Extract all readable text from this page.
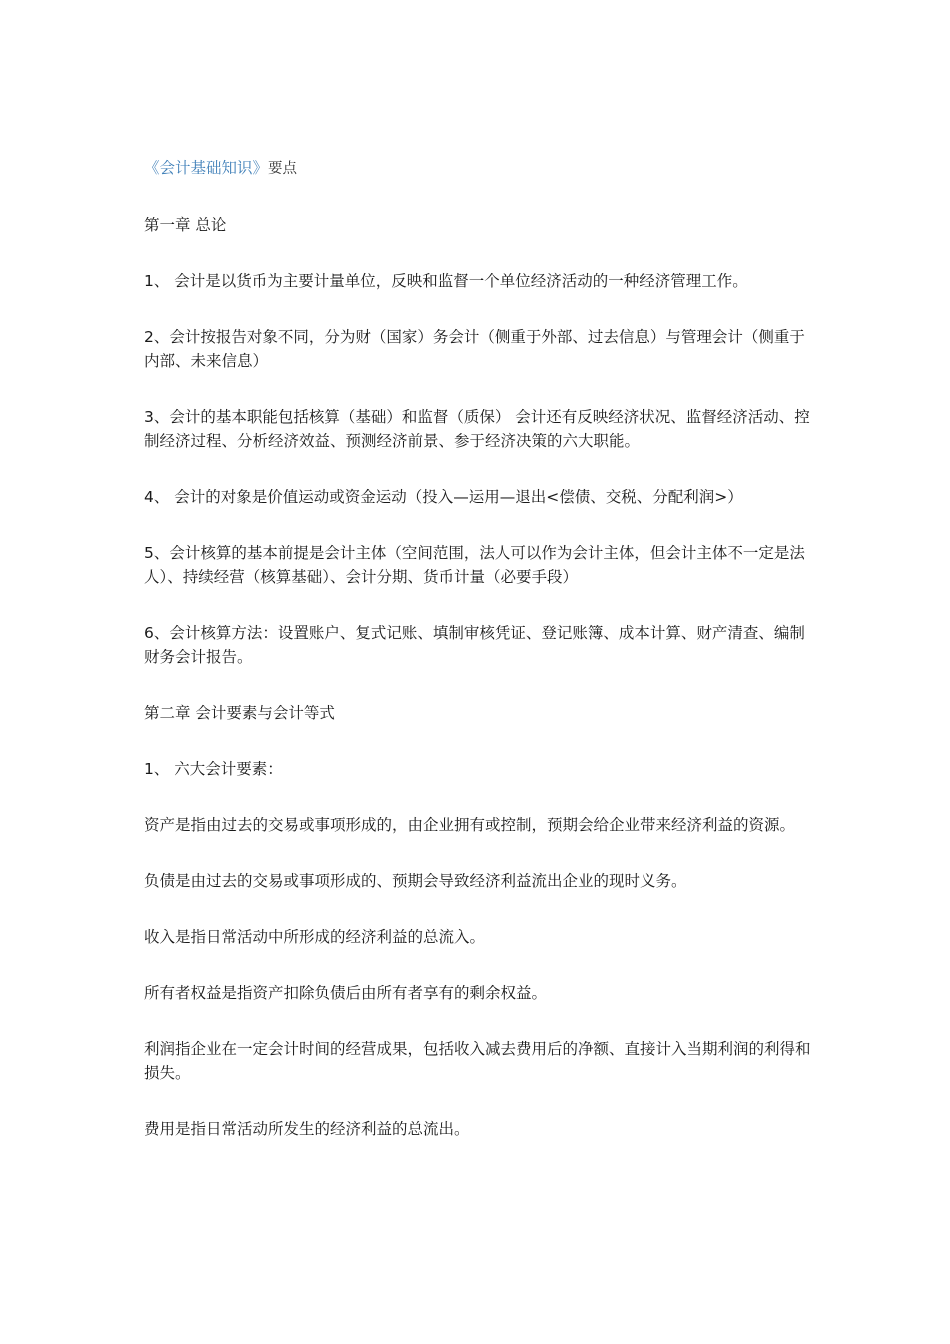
《会计基础知识》要点

第一章 总论

1、 会计是以货币为主要计量单位，反映和监督一个单位经济活动的一种经济管理工作。

2、会计按报告对象不同，分为财（国家）务会计（侧重于外部、过去信息）与管理会计（侧重于内部、未来信息）

3、会计的基本职能包括核算（基础）和监督（质保） 会计还有反映经济状况、监督经济活动、控制经济过程、分析经济效益、预测经济前景、参于经济决策的六大职能。

4、 会计的对象是价值运动或资金运动（投入—运用—退出<偿债、交税、分配利润>）

5、会计核算的基本前提是会计主体（空间范围，法人可以作为会计主体，但会计主体不一定是法人）、持续经营（核算基础）、会计分期、货币计量（必要手段）

6、会计核算方法：设置账户、复式记账、填制审核凭证、登记账簿、成本计算、财产清查、编制财务会计报告。

第二章 会计要素与会计等式

1、 六大会计要素：

资产是指由过去的交易或事项形成的，由企业拥有或控制，预期会给企业带来经济利益的资源。

负债是由过去的交易或事项形成的、预期会导致经济利益流出企业的现时义务。

收入是指日常活动中所形成的经济利益的总流入。

所有者权益是指资产扣除负债后由所有者享有的剩余权益。

利润指企业在一定会计时间的经营成果，包括收入减去费用后的净额、直接计入当期利润的利得和损失。

费用是指日常活动所发生的经济利益的总流出。
